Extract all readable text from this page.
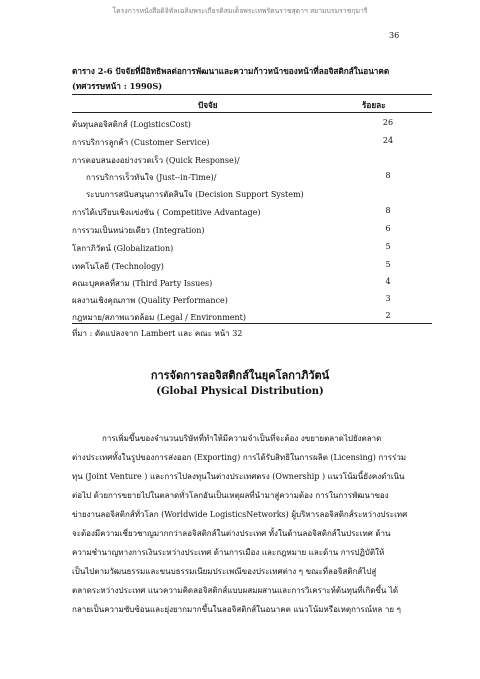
โครงการหนังสือดิจิทัลเฉลิมพระเกียรติสมเด็จพระเทพรัตนราชสุดาฯ สยามบรมราชกุมารี
36
ตาราง 2-6 ปัจจัยที่มีอิทธิพลต่อการพัฒนาและความก้าวหน้าของหน้าที่ลอจิสติกส์ในอนาคต
(ทศวรรษหน้า : 1990S)
ปัจจัย	ร้อยละ
ต้นทุนลอจิสติกส์ (LogisticsCost)	26
การบริการลูกค้า (Customer Service)	24
การตอบสนองอย่างรวดเร็ว (Quick Response)/
การบริการเร็วทันใจ (Just--in-Time)/	8
ระบบการสนับสนุนการตัดสินใจ (Decision Support System)
การได้เปรียบเชิงแข่งขัน ( Competitive Advantage)	8
การรวมเป็นหน่วยเดียว (Integration)	6
โลกาภิวัตน์ (Globalization)	5
เทคโนโลยี (Technology)	5
คณะบุคคลที่สาม (Third Party Issues)	4
ผลงานเชิงคุณภาพ (Quality Performance)	3
กฎหมาย/สภาพแวดล้อม (Legal / Environment)	2
ที่มา : ดัดแปลงจาก Lambert และ คณะ หน้า 32
การจัดการลอจิสติกส์ในยุคโลกาภิวัตน์
(Global Physical Distribution)
การเพิ่มขึ้นของจำนวนบริษัทที่ทำให้มีความจำเป็นที่จะต้อง งขยายตลาดไปยังตลาด
ต่างประเทศทั้งในรูปของการส่งออก (Exporting) การได้รับสิทธิในการผลิต (Licensing) การร่วม
ทุน (Joint Venture ) และการไปลงทุนในต่างประเทศตรง (Ownership ) แนวโน้มนี้ยังคงดำเนิน
ต่อไป ด้วยการขยายไปในตลาดทั่วโลกอันเป็นเหตุผลที่นำมาสู่ความต้อง การในการพัฒนาของ
ข่ายงานลอจิสติกส์ทั่วโลก (Worldwide LogisticsNetworks) ผู้บริหารลอจิสติกส์ระหว่างประเทศ
จะต้องมีความเชี่ยวชาญมากกว่าลอจิสติกส์ในต่างประเทศ ทั้งในด้านลอจิสติกส์ในประเทศ ด้าน
ความชำนาญทางการเงินระหว่างประเทศ ด้านการเมือง และกฎหมาย และด้าน การปฏิบัติให้
เป็นไปตามวัฒนธรรมและขนบธรรมเนียมประเพณีของประเทศต่าง ๆ ขณะที่ลอจิสติกส์ไปสู่
ตลาดระหว่างประเทศ แนวความคิดลอจิสติกส์แบบผสมผสานและการวิเคราะห์ต้นทุนที่เกิดขึ้น ได้
กลายเป็นความซับซ้อนและยุ่งยากมากขึ้นในลอจิสติกส์ในอนาคต แนวโน้มหรือเหตุการณ์หล าย ๆ
